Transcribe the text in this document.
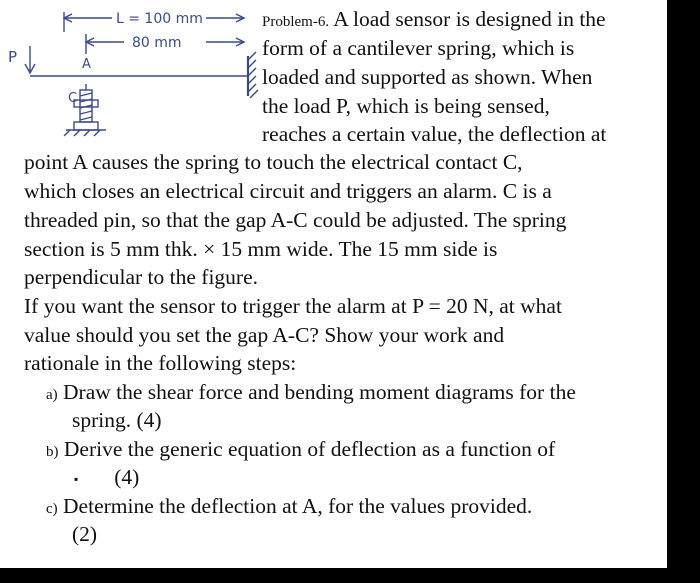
L = 100 mm
80 mm
P	A
C
Problem-6. A load sensor is designed in the
form of a cantilever spring, which is
loaded and supported as shown. When
the load P, which is being sensed,
reaches a certain value, the deflection at
point A causes the spring to touch the electrical contact C,
which closes an electrical circuit and triggers an alarm. C is a
threaded pin, so that the gap A-C could be adjusted. The spring
section is 5 mm thk. × 15 mm wide. The 15 mm side is
perpendicular to the figure.
If you want the sensor to trigger the alarm at P = 20 N, at what
value should you set the gap A-C? Show your work and
rationale in the following steps:
a) Draw the shear force and bending moment diagrams for the
spring. (4)
b) Derive the generic equation of deflection as a function of
▪ (4)
c) Determine the deflection at A, for the values provided.
(2)
